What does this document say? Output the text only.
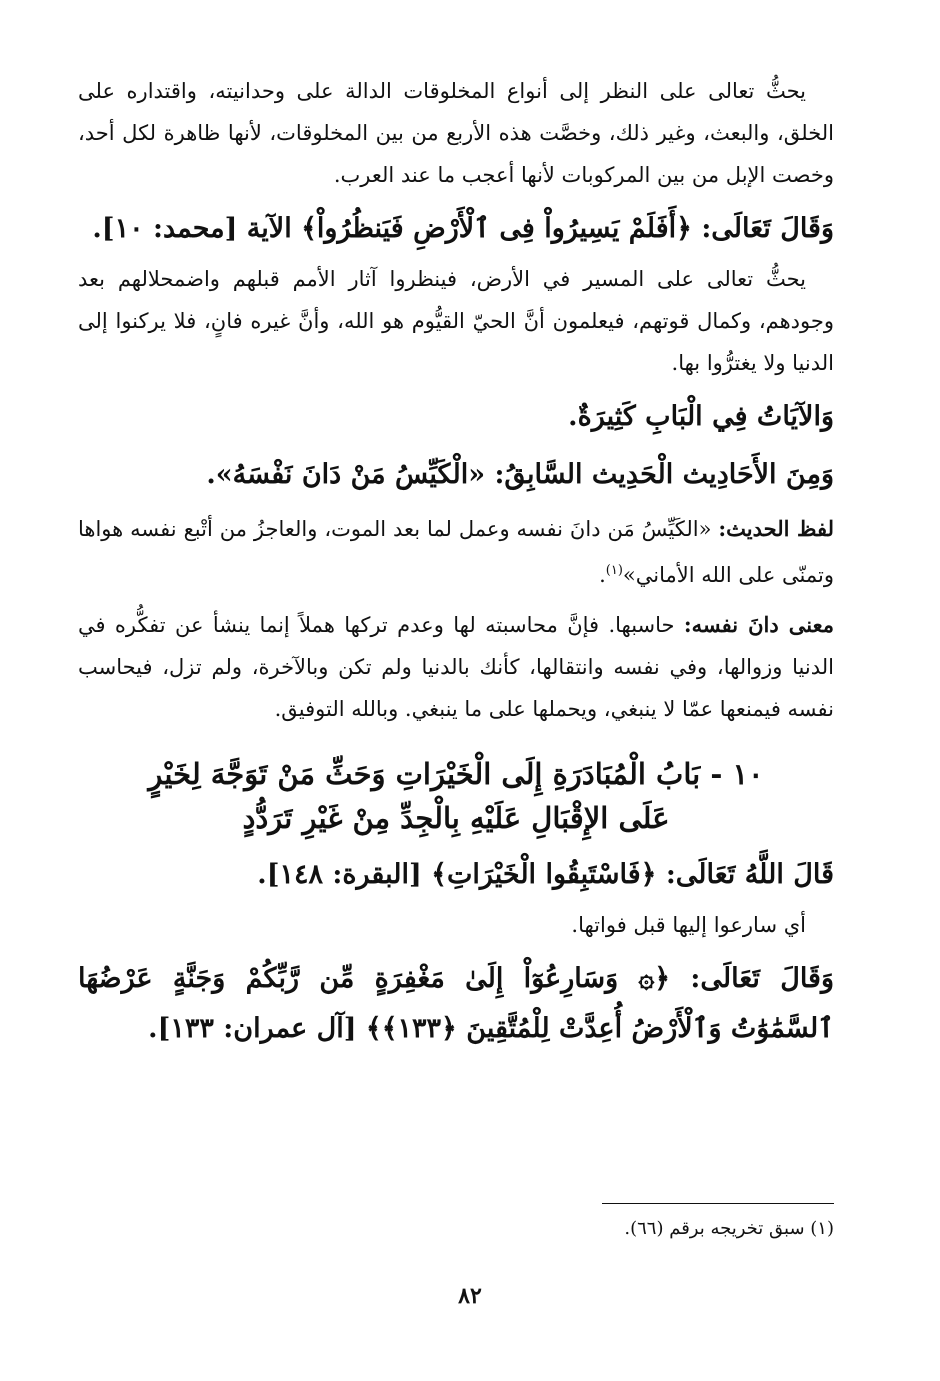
يحثُّ تعالى على النظر إلى أنواع المخلوقات الدالة على وحدانيته، واقتداره على الخلق، والبعث، وغير ذلك، وخصَّت هذه الأربع من بين المخلوقات، لأنها ظاهرة لكل أحد، وخصت الإبل من بين المركوبات لأنها أعجب ما عند العرب.

وَقَالَ تَعَالَى: ﴿أَفَلَمْ يَسِيرُواْ فِى ٱلْأَرْضِ فَيَنظُرُواْ﴾ الآية [محمد: ١٠].

يحثُّ تعالى على المسير في الأرض، فينظروا آثار الأمم قبلهم واضمحلالهم بعد وجودهم، وكمال قوتهم، فيعلمون أنَّ الحيّ القيُّوم هو الله، وأنَّ غيره فانٍ، فلا يركنوا إلى الدنيا ولا يغترُّوا بها.

وَالآيَاتُ فِي الْبَابِ كَثِيرَةٌ.

وَمِنَ الأَحَادِيث الْحَدِيث السَّابِقُ: «الْكَيِّسُ مَنْ دَانَ نَفْسَهُ».

لفظ الحديث: «الكَيِّسُ مَن دانَ نفسه وعمل لما بعد الموت، والعاجزُ من أتْبع نفسه هواها وتمنّى على الله الأماني»$^{(١)}$.

معنى دانَ نفسه: حاسبها. فإنَّ محاسبته لها وعدم تركها هملاً إنما ينشأ عن تفكُّره في الدنيا وزوالها، وفي نفسه وانتقالها، كأنك بالدنيا ولم تكن وبالآخرة، ولم تزل، فيحاسب نفسه فيمنعها عمّا لا ينبغي، ويحملها على ما ينبغي. وبالله التوفيق.

١٠ - بَابُ الْمُبَادَرَةِ إِلَى الْخَيْرَاتِ وَحَثِّ مَنْ تَوَجَّهَ لِخَيْرٍ
عَلَى الإِقْبَالِ عَلَيْهِ بِالْجِدِّ مِنْ غَيْرِ تَرَدُّدٍ

قَالَ اللَّهُ تَعَالَى: ﴿فَاسْتَبِقُوا الْخَيْرَاتِ﴾ [البقرة: ١٤٨].

أي سارعوا إليها قبل فواتها.

وَقَالَ تَعَالَى: ﴿۞ وَسَارِعُوٓاْ إِلَىٰ مَغْفِرَةٍ مِّن رَّبِّكُمْ وَجَنَّةٍ عَرْضُهَا ٱلسَّمَٰوَٰتُ وَٱلْأَرْضُ أُعِدَّتْ لِلْمُتَّقِينَ ﴿١٣٣﴾﴾ [آل عمران: ١٣٣].

(١) سبق تخريجه برقم (٦٦).
٨٢
